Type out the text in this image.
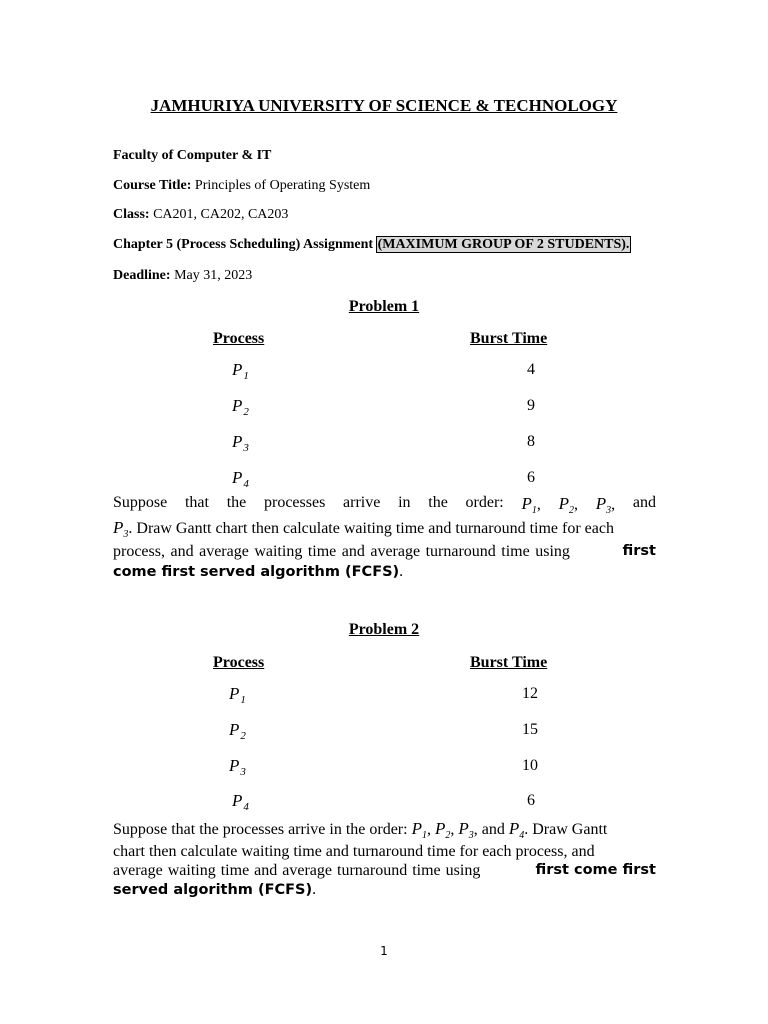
JAMHURIYA UNIVERSITY OF SCIENCE & TECHNOLOGY
Faculty of Computer & IT
Course Title: Principles of Operating System
Class: CA201, CA202, CA203
Chapter 5 (Process Scheduling) Assignment (MAXIMUM GROUP OF 2 STUDENTS).
Deadline: May 31, 2023
Problem 1
Process	Burst Time
$P_1$	4
$P_2$	9
$P_3$	8
$P_4$	6
Suppose that the processes arrive in the order: $P_1$, $P_2$, $P_3$, and
$P_3$. Draw Gantt chart then calculate waiting time and turnaround time for each
process, and average waiting time and average turnaround time using	first
come first served algorithm (FCFS).
Problem 2
Process	Burst Time
$P_1$	12
$P_2$	15
$P_3$	10
$P_4$	6
Suppose that the processes arrive in the order: $P_1$, $P_2$, $P_3$, and $P_4$. Draw Gantt
chart then calculate waiting time and turnaround time for each process, and
average waiting time and average turnaround time using	first come first
served algorithm (FCFS).
1
